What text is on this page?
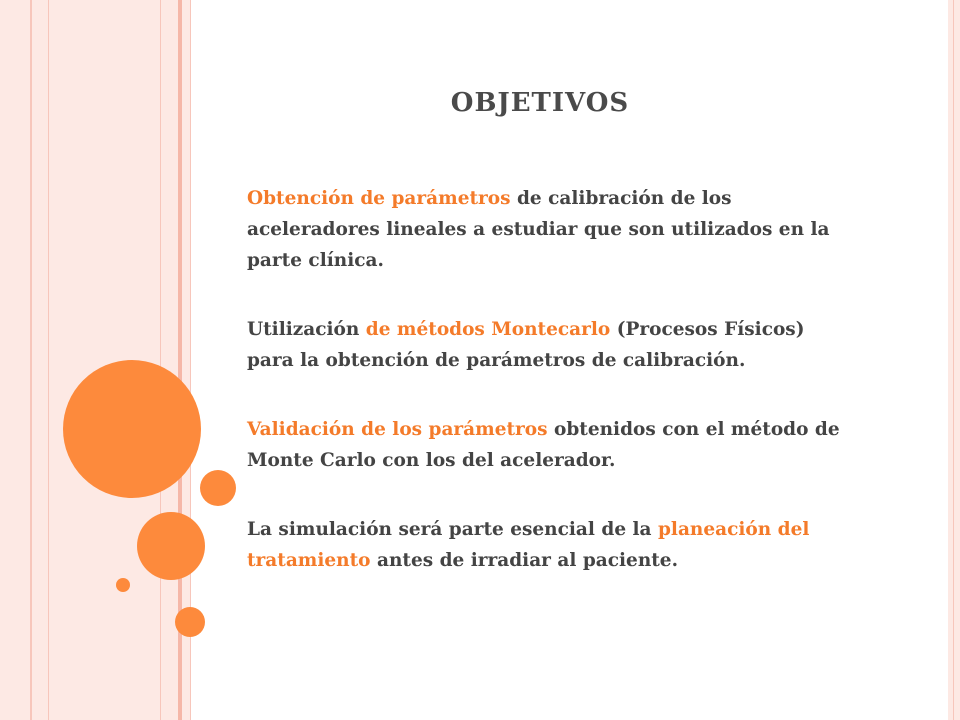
OBJETIVOS

Obtención de parámetros de calibración de los aceleradores lineales a estudiar que son utilizados en la parte clínica.

Utilización de métodos Montecarlo (Procesos Físicos) para la obtención de parámetros de calibración.

Validación de los parámetros obtenidos con el método de Monte Carlo con los del acelerador.

La simulación será parte esencial de la planeación del tratamiento antes de irradiar al paciente.
